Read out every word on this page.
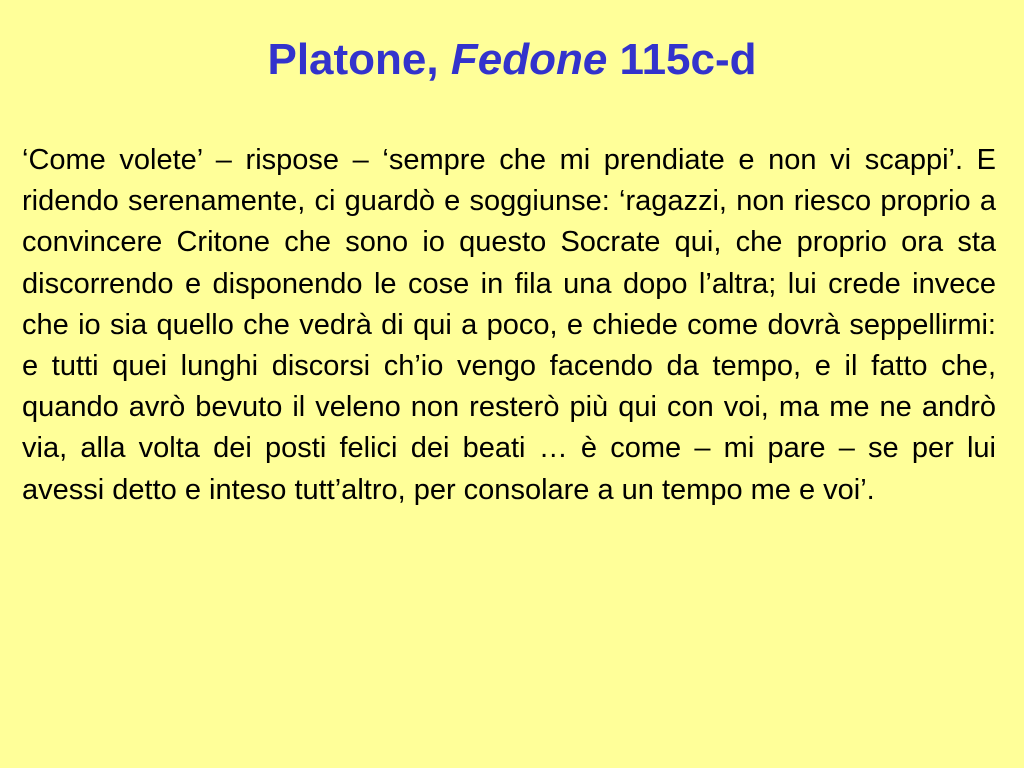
Platone, Fedone 115c-d

‘Come volete’ – rispose – ‘sempre che mi prendiate e non vi scappi’. E ridendo serenamente, ci guardò e soggiunse: ‘ragazzi, non riesco proprio a convincere Critone che sono io questo Socrate qui, che proprio ora sta discorrendo e disponendo le cose in fila una dopo l’altra; lui crede invece che io sia quello che vedrà di qui a poco, e chiede come dovrà seppellirmi: e tutti quei lunghi discorsi ch’io vengo facendo da tempo, e il fatto che, quando avrò bevuto il veleno non resterò più qui con voi, ma me ne andrò via, alla volta dei posti felici dei beati … è come – mi pare – se per lui avessi detto e inteso tutt’altro, per consolare a un tempo me e voi’.
